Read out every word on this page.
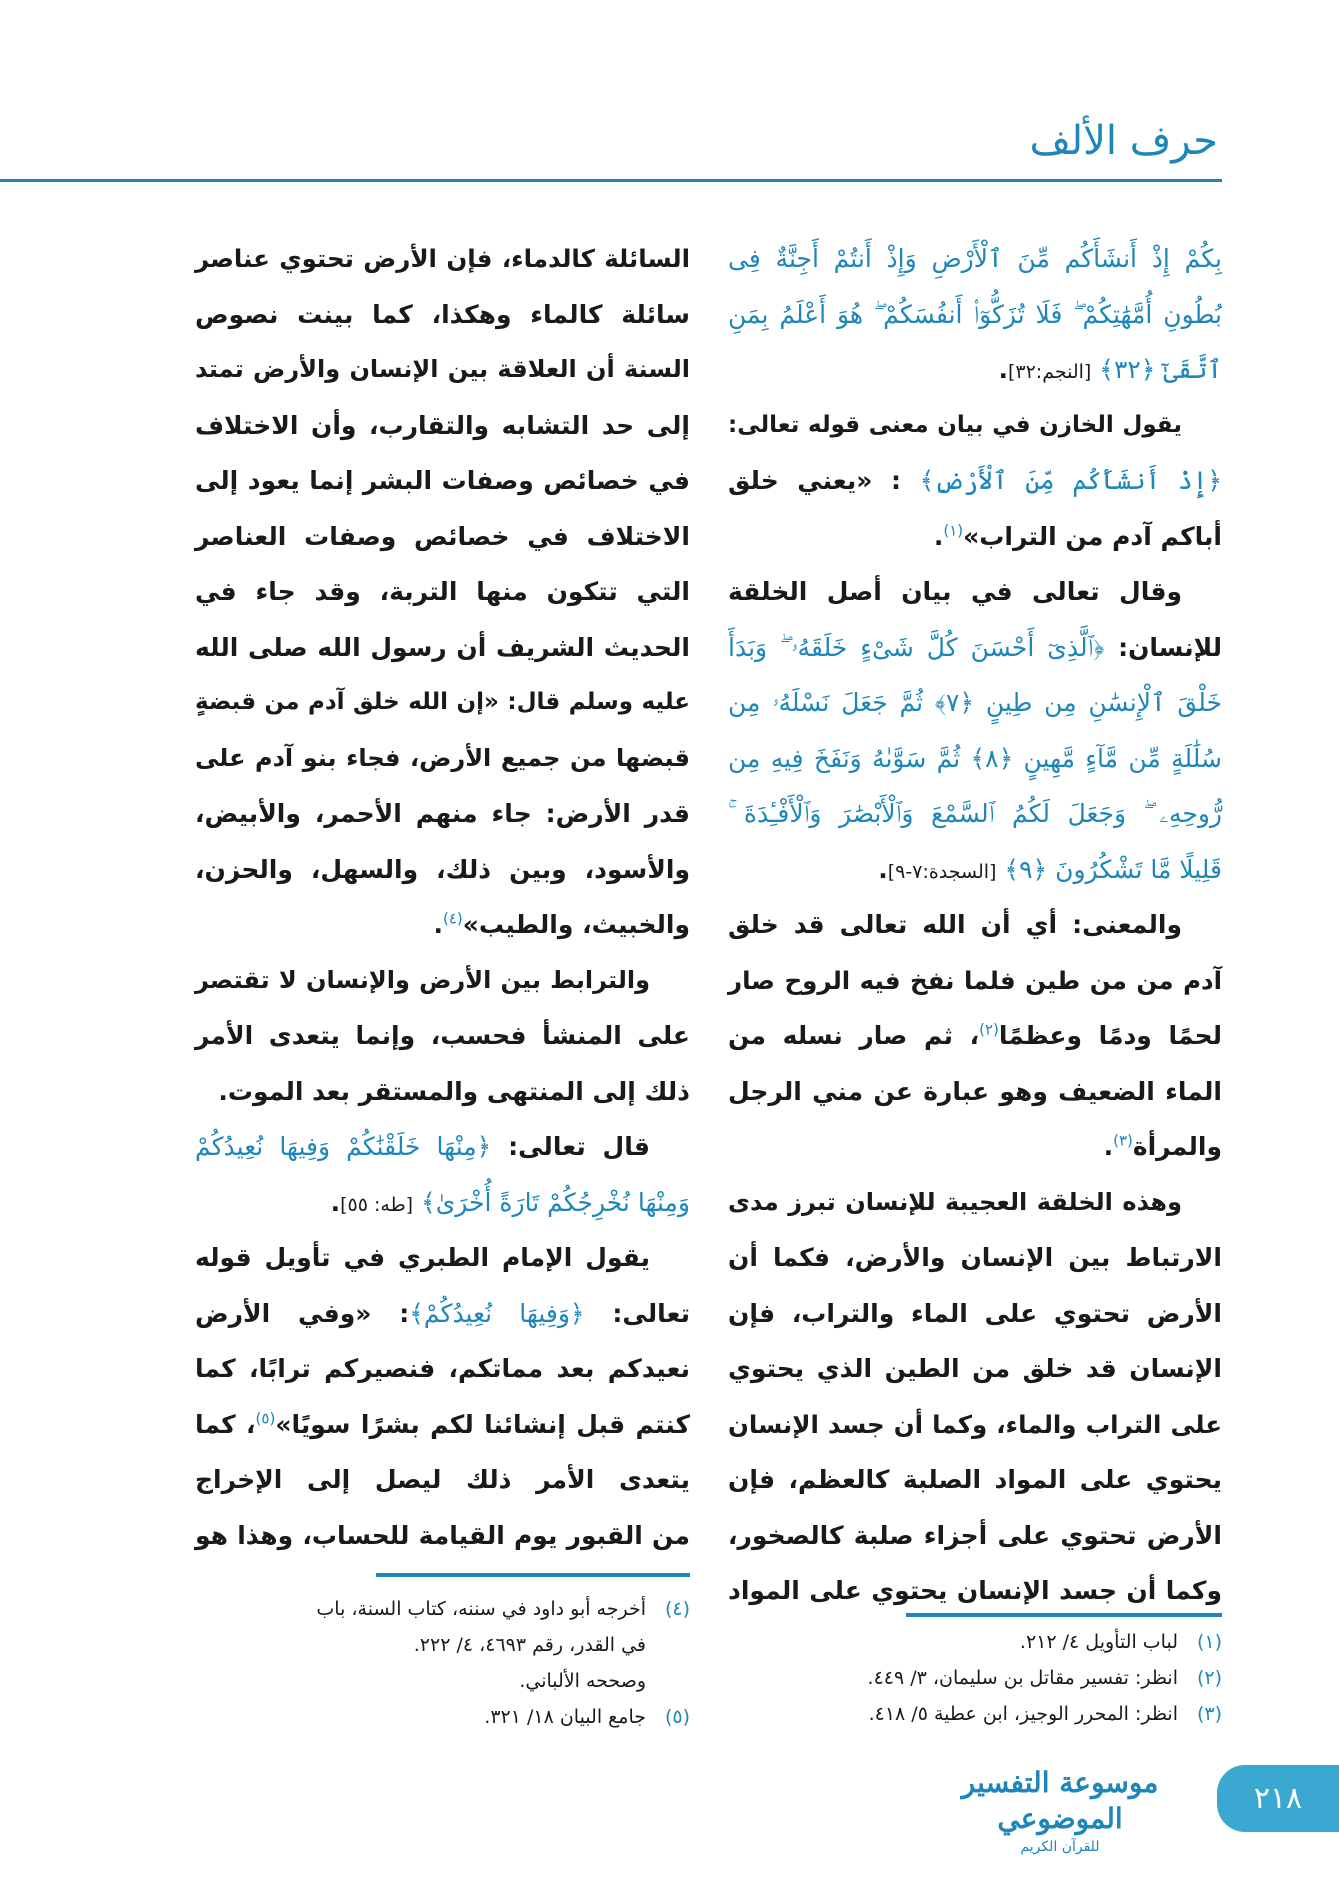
حرف الألف
بِكُمْ إِذْ أَنشَأَكُم مِّنَ ٱلْأَرْضِ وَإِذْ أَنتُمْ أَجِنَّةٌ فِى
بُطُونِ أُمَّهَٰتِكُمْ ۖ فَلَا تُزَكُّوٓا۟ أَنفُسَكُمْ ۖ هُوَ أَعْلَمُ بِمَنِ
ٱتَّقَىٰٓ ﴿٣٢﴾ [النجم:٣٢].
يقول الخازن في بيان معنى قوله تعالى:
﴿إِذْ أَنشَأَكُم مِّنَ ٱلْأَرْضِ﴾ : «يعني خلق
أباكم آدم من التراب»$^{(١)}$.
وقال تعالى في بيان أصل الخلقة
للإنسان: ﴿ٱلَّذِىٓ أَحْسَنَ كُلَّ شَىْءٍ خَلَقَهُۥ ۖ وَبَدَأَ
خَلْقَ ٱلْإِنسَٰنِ مِن طِينٍ ﴿٧﴾ ثُمَّ جَعَلَ نَسْلَهُۥ مِن
سُلَٰلَةٍ مِّن مَّآءٍ مَّهِينٍ ﴿٨﴾ ثُمَّ سَوَّىٰهُ وَنَفَخَ فِيهِ مِن
رُّوحِهِۦ ۖ وَجَعَلَ لَكُمُ ٱلسَّمْعَ وَٱلْأَبْصَٰرَ وَٱلْأَفْـِٔدَةَ ۚ
قَلِيلًا مَّا تَشْكُرُونَ ﴿٩﴾ [السجدة:٧-٩].
والمعنى: أي أن الله تعالى قد خلق
آدم من من طين فلما نفخ فيه الروح صار
لحمًا ودمًا وعظمًا$^{(٢)}$، ثم صار نسله من
الماء الضعيف وهو عبارة عن مني الرجل
والمرأة$^{(٣)}$.
وهذه الخلقة العجيبة للإنسان تبرز مدى
الارتباط بين الإنسان والأرض، فكما أن
الأرض تحتوي على الماء والتراب، فإن
الإنسان قد خلق من الطين الذي يحتوي
على التراب والماء، وكما أن جسد الإنسان
يحتوي على المواد الصلبة كالعظم، فإن
الأرض تحتوي على أجزاء صلبة كالصخور،
وكما أن جسد الإنسان يحتوي على المواد
السائلة كالدماء، فإن الأرض تحتوي عناصر
سائلة كالماء وهكذا، كما بينت نصوص
السنة أن العلاقة بين الإنسان والأرض تمتد
إلى حد التشابه والتقارب، وأن الاختلاف
في خصائص وصفات البشر إنما يعود إلى
الاختلاف في خصائص وصفات العناصر
التي تتكون منها التربة، وقد جاء في
الحديث الشريف أن رسول الله صلى الله
عليه وسلم قال: «إن الله خلق آدم من قبضةٍ
قبضها من جميع الأرض، فجاء بنو آدم على
قدر الأرض: جاء منهم الأحمر، والأبيض،
والأسود، وبين ذلك، والسهل، والحزن،
والخبيث، والطيب»$^{(٤)}$.
والترابط بين الأرض والإنسان لا تقتصر
على المنشأ فحسب، وإنما يتعدى الأمر
ذلك إلى المنتهى والمستقر بعد الموت.
قال تعالى: ﴿مِنْهَا خَلَقْنَٰكُمْ وَفِيهَا نُعِيدُكُمْ
وَمِنْهَا نُخْرِجُكُمْ تَارَةً أُخْرَىٰ﴾ [طه: ٥٥].
يقول الإمام الطبري في تأويل قوله
تعالى: ﴿وَفِيهَا نُعِيدُكُمْ﴾: «وفي الأرض
نعيدكم بعد مماتكم، فنصيركم ترابًا، كما
كنتم قبل إنشائنا لكم بشرًا سويًا»$^{(٥)}$، كما
يتعدى الأمر ذلك ليصل إلى الإخراج
من القبور يوم القيامة للحساب، وهذا هو
(١)لباب التأويل ٤/ ٢١٢.
(٢)انظر: تفسير مقاتل بن سليمان، ٣/ ٤٤٩.
(٣)انظر: المحرر الوجيز، ابن عطية ٥/ ٤١٨.
(٤)أخرجه أبو داود في سننه، كتاب السنة، باب
في القدر، رقم ٤٦٩٣، ٤/ ٢٢٢.
وصححه الألباني.
(٥)جامع البيان ١٨/ ٣٢١.
موسوعة التفسير الموضوعي
للقرآن الكريم
٢١٨
